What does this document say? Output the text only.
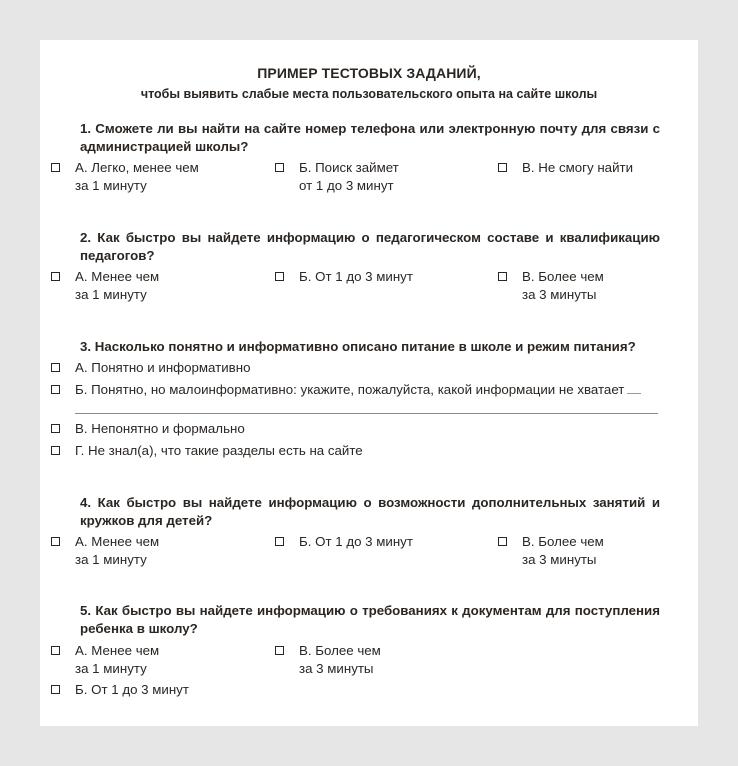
ПРИМЕР ТЕСТОВЫХ ЗАДАНИЙ,
чтобы выявить слабые места пользовательского опыта на сайте школы
1. Сможете ли вы найти на сайте номер телефона или электронную почту для связи с администрацией школы?
А. Легко, менее чем
за 1 минуту
Б. Поиск займет
от 1 до 3 минут
В. Не смогу найти
2. Как быстро вы найдете информацию о педагогическом составе и квалификацию педагогов?
А. Менее чем
за 1 минуту
Б. От 1 до 3 минут	В. Более чем
за 3 минуты
3. Насколько понятно и информативно описано питание в школе и режим питания?
А. Понятно и информативно
Б. Понятно, но малоинформативно: укажите, пожалуйста, какой информации не хватает
В. Непонятно и формально
Г. Не знал(а), что такие разделы есть на сайте
4. Как быстро вы найдете информацию о возможности дополнительных занятий и кружков для детей?
А. Менее чем
за 1 минуту
Б. От 1 до 3 минут	В. Более чем
за 3 минуты
5. Как быстро вы найдете информацию о требованиях к документам для поступления ребенка в школу?
А. Менее чем
за 1 минуту
В. Более чем
за 3 минуты
Б. От 1 до 3 минут
